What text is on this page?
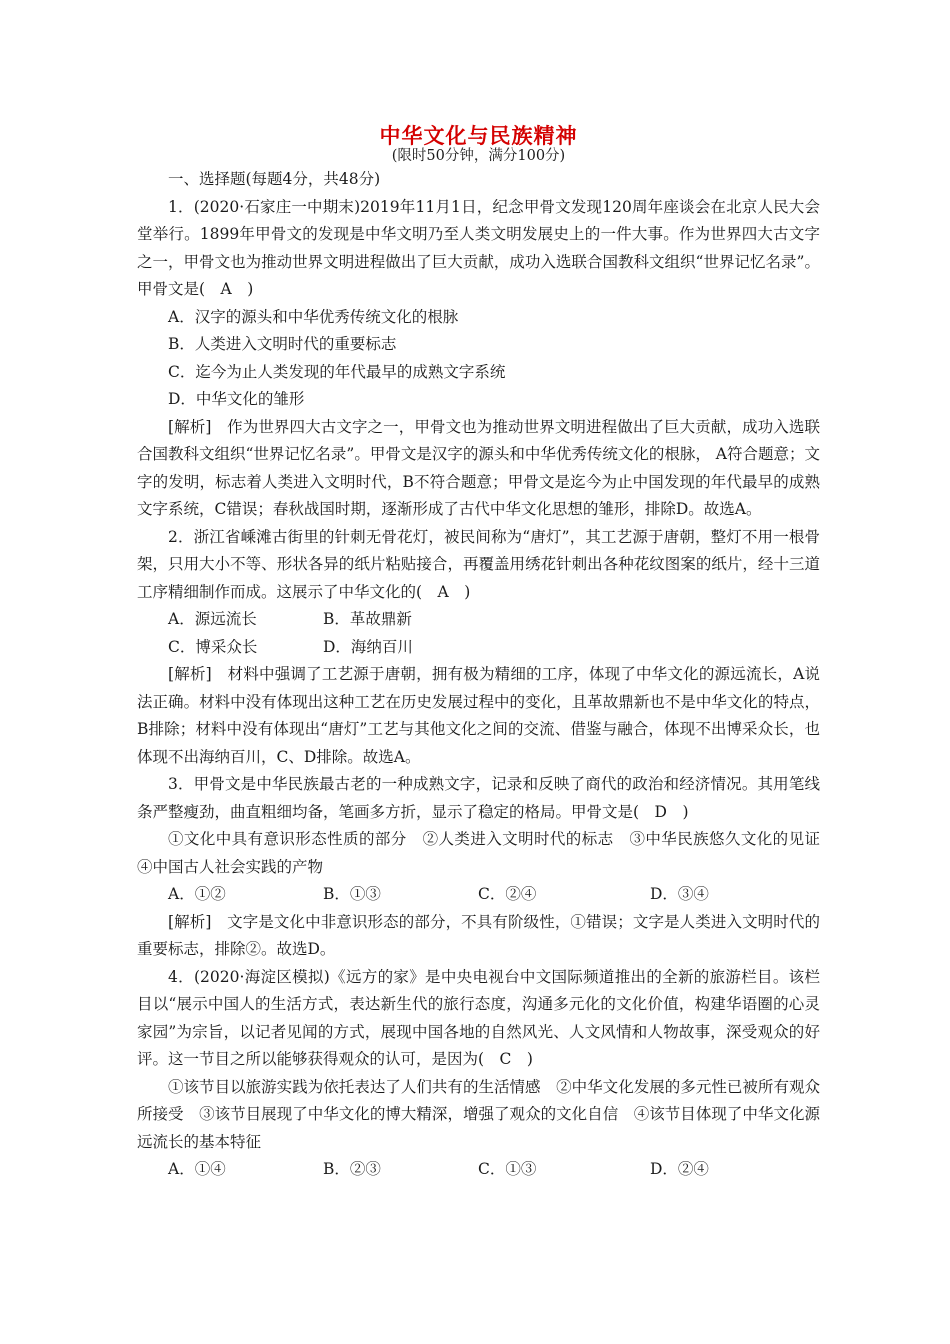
中华文化与民族精神

(限时50分钟，满分100分)

一、选择题(每题4分，共48分)

1．(2020·石家庄一中期末)2019年11月1日，纪念甲骨文发现120周年座谈会在北京人民大会堂举行。1899年甲骨文的发现是中华文明乃至人类文明发展史上的一件大事。作为世界四大古文字之一，甲骨文也为推动世界文明进程做出了巨大贡献，成功入选联合国教科文组织“世界记忆名录”。甲骨文是(　A　)

A．汉字的源头和中华优秀传统文化的根脉

B．人类进入文明时代的重要标志

C．迄今为止人类发现的年代最早的成熟文字系统

D．中华文化的雏形

[解析]　作为世界四大古文字之一，甲骨文也为推动世界文明进程做出了巨大贡献，成功入选联合国教科文组织“世界记忆名录”。甲骨文是汉字的源头和中华优秀传统文化的根脉， A符合题意；文字的发明，标志着人类进入文明时代，B不符合题意；甲骨文是迄今为止中国发现的年代最早的成熟文字系统，C错误；春秋战国时期，逐渐形成了古代中华文化思想的雏形，排除D。故选A。

2．浙江省嵊滩古街里的针刺无骨花灯，被民间称为“唐灯”，其工艺源于唐朝，整灯不用一根骨架，只用大小不等、形状各异的纸片粘贴接合，再覆盖用绣花针刺出各种花纹图案的纸片，经十三道工序精细制作而成。这展示了中华文化的(　A　)

A．源远流长	B．革故鼎新
C．博采众长	D．海纳百川

[解析]　材料中强调了工艺源于唐朝，拥有极为精细的工序，体现了中华文化的源远流长，A说法正确。材料中没有体现出这种工艺在历史发展过程中的变化，且革故鼎新也不是中华文化的特点，B排除；材料中没有体现出“唐灯”工艺与其他文化之间的交流、借鉴与融合，体现不出博采众长，也体现不出海纳百川，C、D排除。故选A。

3．甲骨文是中华民族最古老的一种成熟文字，记录和反映了商代的政治和经济情况。其用笔线条严整瘦劲，曲直粗细均备，笔画多方折，显示了稳定的格局。甲骨文是(　D　)

①文化中具有意识形态性质的部分　②人类进入文明时代的标志　③中华民族悠久文化的见证　④中国古人社会实践的产物

A．①②	B．①③	C．②④	D．③④

[解析]　文字是文化中非意识形态的部分，不具有阶级性，①错误；文字是人类进入文明时代的重要标志，排除②。故选D。

4．(2020·海淀区模拟)《远方的家》是中央电视台中文国际频道推出的全新的旅游栏目。该栏目以“展示中国人的生活方式，表达新生代的旅行态度，沟通多元化的文化价值，构建华语圈的心灵家园”为宗旨，以记者见闻的方式，展现中国各地的自然风光、人文风情和人物故事，深受观众的好评。这一节目之所以能够获得观众的认可，是因为(　C　)

①该节目以旅游实践为依托表达了人们共有的生活情感　②中华文化发展的多元性已被所有观众所接受　③该节目展现了中华文化的博大精深，增强了观众的文化自信　④该节目体现了中华文化源远流长的基本特征

A．①④	B．②③	C．①③	D．②④
